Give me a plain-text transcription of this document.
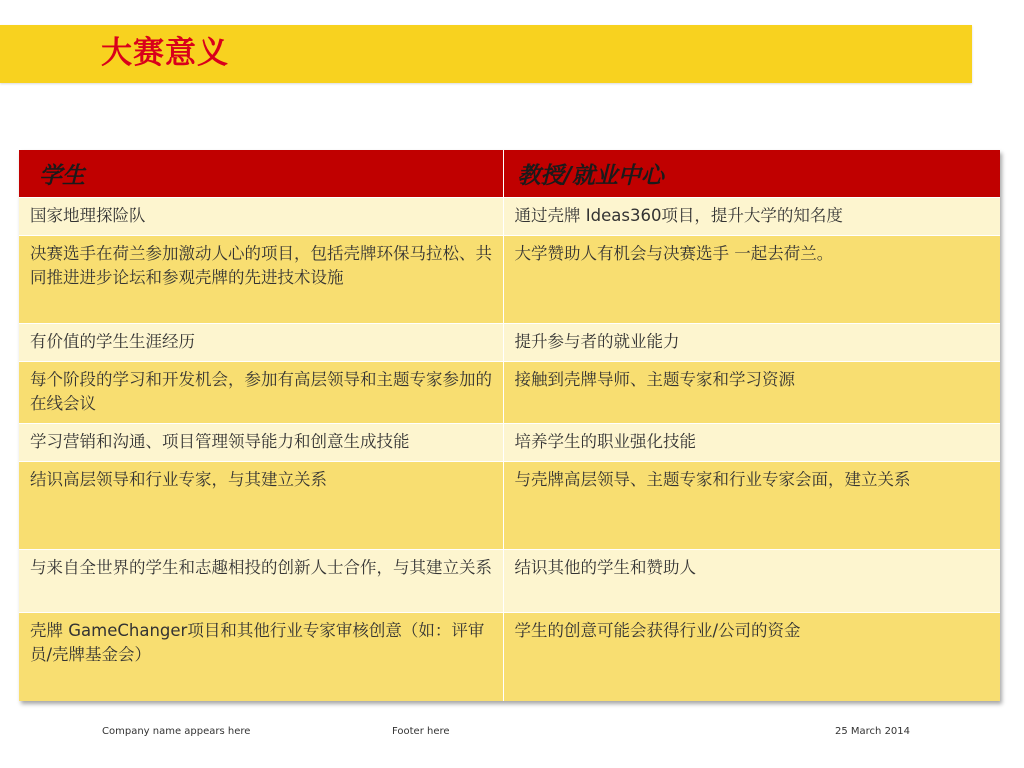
大赛意义
学生	教授/就业中心
国家地理探险队	通过壳牌 Ideas360项目，提升大学的知名度
决赛选手在荷兰参加激动人心的项目，包括壳牌环保马拉松、共同推进进步论坛和参观壳牌的先进技术设施	大学赞助人有机会与决赛选手 一起去荷兰。
有价值的学生生涯经历	提升参与者的就业能力
每个阶段的学习和开发机会，参加有高层领导和主题专家参加的在线会议	接触到壳牌导师、主题专家和学习资源
学习营销和沟通、项目管理领导能力和创意生成技能	培养学生的职业强化技能
结识高层领导和行业专家，与其建立关系	与壳牌高层领导、主题专家和行业专家会面，建立关系
与来自全世界的学生和志趣相投的创新人士合作，与其建立关系	结识其他的学生和赞助人
壳牌 GameChanger项目和其他行业专家审核创意（如：评审员/壳牌基金会）	学生的创意可能会获得行业/公司的资金
Company name appears here	Footer here	25 March 2014
